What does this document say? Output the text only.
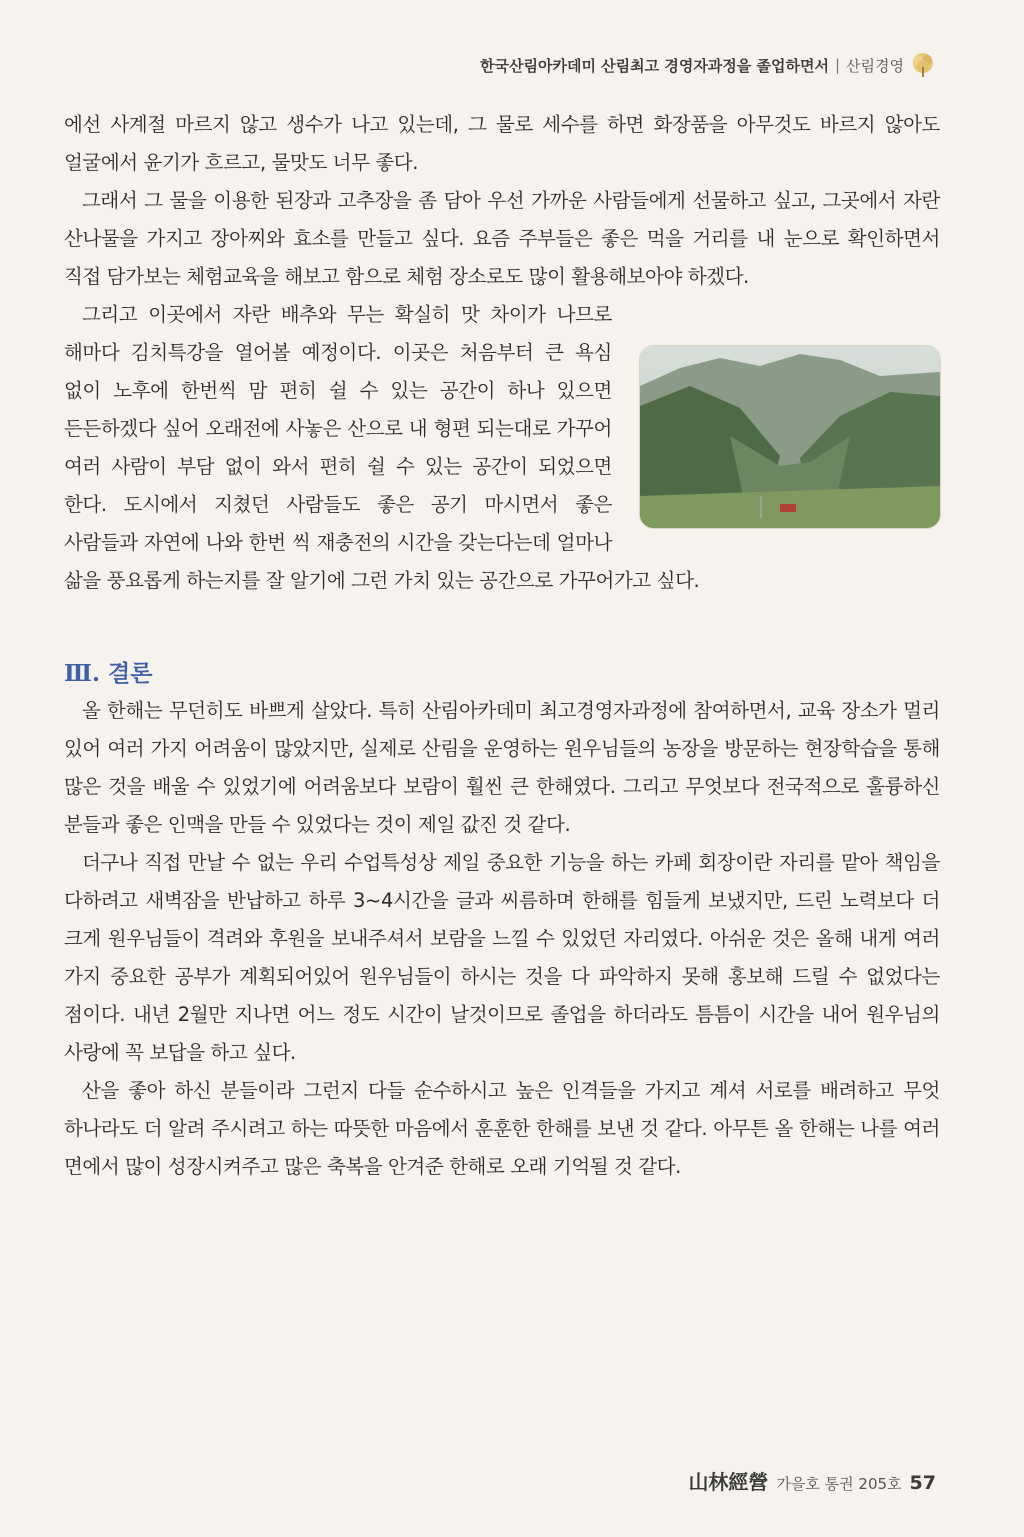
한국산림아카데미 산림최고 경영자과정을 졸업하면서 | 산림경영

에선 사계절 마르지 않고 생수가 나고 있는데, 그 물로 세수를 하면 화장품을 아무것도 바르지 않아도 얼굴에서 윤기가 흐르고, 물맛도 너무 좋다.

그래서 그 물을 이용한 된장과 고추장을 좀 담아 우선 가까운 사람들에게 선물하고 싶고, 그곳에서 자란 산나물을 가지고 장아찌와 효소를 만들고 싶다. 요즘 주부들은 좋은 먹을 거리를 내 눈으로 확인하면서 직접 담가보는 체험교육을 해보고 함으로 체험 장소로도 많이 활용해보아야 하겠다.

그리고 이곳에서 자란 배추와 무는 확실히 맛 차이가 나므로 해마다 김치특강을 열어볼 예정이다. 이곳은 처음부터 큰 욕심 없이 노후에 한번씩 맘 편히 쉴 수 있는 공간이 하나 있으면 든든하겠다 싶어 오래전에 사놓은 산으로 내 형편 되는대로 가꾸어 여러 사람이 부담 없이 와서 편히 쉴 수 있는 공간이 되었으면 한다. 도시에서 지쳤던 사람들도 좋은 공기 마시면서 좋은 사람들과 자연에 나와 한번 씩 재충전의 시간을 갖는다는데 얼마나 삶을 풍요롭게 하는지를 잘 알기에 그런 가치 있는 공간으로 가꾸어가고 싶다.

Ⅲ. 결론

올 한해는 무던히도 바쁘게 살았다. 특히 산림아카데미 최고경영자과정에 참여하면서, 교육 장소가 멀리 있어 여러 가지 어려움이 많았지만, 실제로 산림을 운영하는 원우님들의 농장을 방문하는 현장학습을 통해 많은 것을 배울 수 있었기에 어려움보다 보람이 훨씬 큰 한해였다. 그리고 무엇보다 전국적으로 훌륭하신 분들과 좋은 인맥을 만들 수 있었다는 것이 제일 값진 것 같다.

더구나 직접 만날 수 없는 우리 수업특성상 제일 중요한 기능을 하는 카페 회장이란 자리를 맡아 책임을 다하려고 새벽잠을 반납하고 하루 3~4시간을 글과 씨름하며 한해를 힘들게 보냈지만, 드린 노력보다 더 크게 원우님들이 격려와 후원을 보내주셔서 보람을 느낄 수 있었던 자리였다. 아쉬운 것은 올해 내게 여러 가지 중요한 공부가 계획되어있어 원우님들이 하시는 것을 다 파악하지 못해 홍보해 드릴 수 없었다는 점이다. 내년 2월만 지나면 어느 정도 시간이 날것이므로 졸업을 하더라도 틈틈이 시간을 내어 원우님의 사랑에 꼭 보답을 하고 싶다.

산을 좋아 하신 분들이라 그런지 다들 순수하시고 높은 인격들을 가지고 계셔 서로를 배려하고 무엇 하나라도 더 알려 주시려고 하는 따뜻한 마음에서 훈훈한 한해를 보낸 것 같다. 아무튼 올 한해는 나를 여러 면에서 많이 성장시켜주고 많은 축복을 안겨준 한해로 오래 기억될 것 같다.

山林經營 가을호 통권 205호 57
